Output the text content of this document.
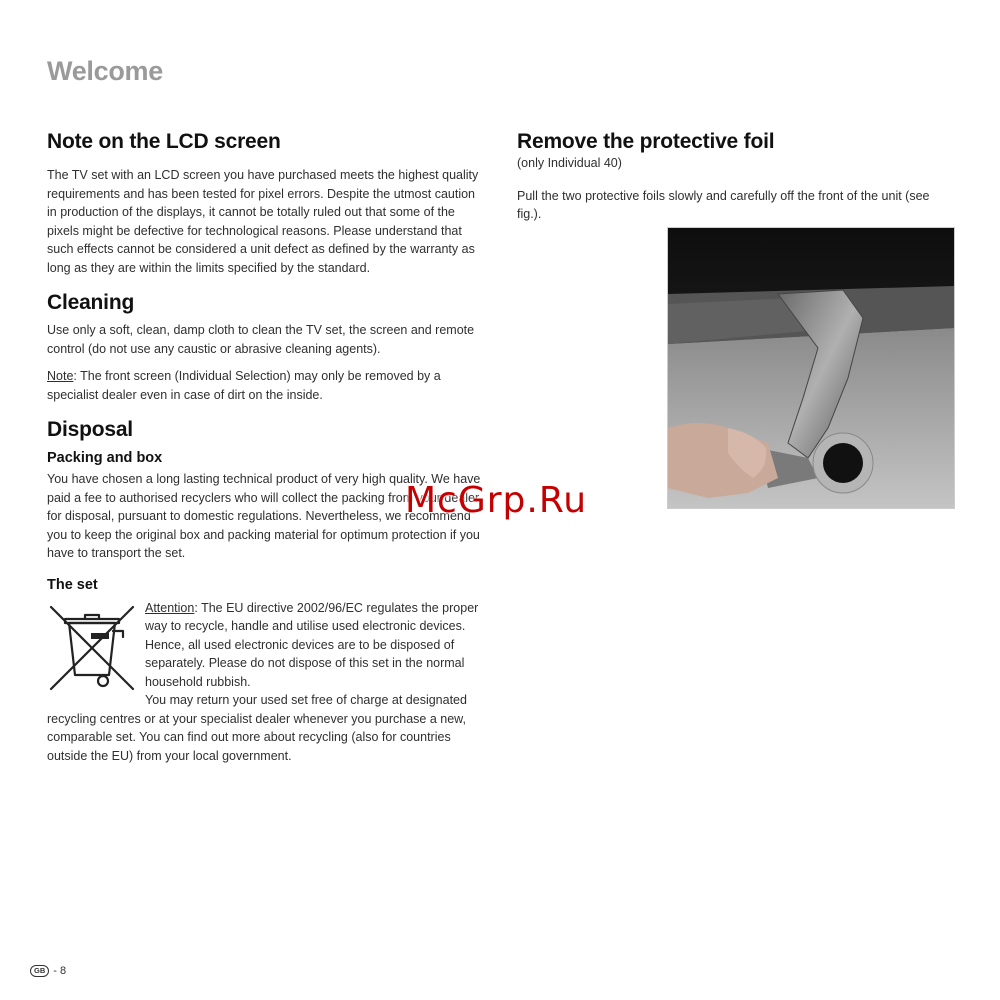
Welcome
Note on the LCD screen

The TV set with an LCD screen you have purchased meets the highest quality requirements and has been tested for pixel errors. Despite the utmost caution in production of the displays, it cannot be totally ruled out that some of the pixels might be defective for technological reasons. Please understand that such effects cannot be considered a unit defect as defined by the warranty as long as they are within the limits specified by the standard.

Cleaning

Use only a soft, clean, damp cloth to clean the TV set, the screen and remote control (do not use any caustic or abrasive cleaning agents).

Note: The front screen (Individual Selection) may only be removed by a specialist dealer even in case of dirt on the inside.

Disposal
Packing and box

You have chosen a long lasting technical product of very high quality. We have paid a fee to authorised recyclers who will collect the packing from your dealer for disposal, pursuant to domestic regulations. Nevertheless, we recommend you to keep the original box and packing material for optimum protection if you have to transport the set.

The set

Attention: The EU directive 2002/96/EC regulates the proper way to recycle, handle and utilise used electronic devices. Hence, all used electronic devices are to be disposed of separately. Please do not dispose of this set in the normal household rubbish.

You may return your used set free of charge at designated recycling centres or at your specialist dealer whenever you purchase a new, comparable set. You can find out more about recycling (also for countries outside the EU) from your local government.

Remove the protective foil

(only Individual 40)

Pull the two protective foils slowly and carefully off the front of the unit (see fig.).

McGrp.Ru
GB - 8
